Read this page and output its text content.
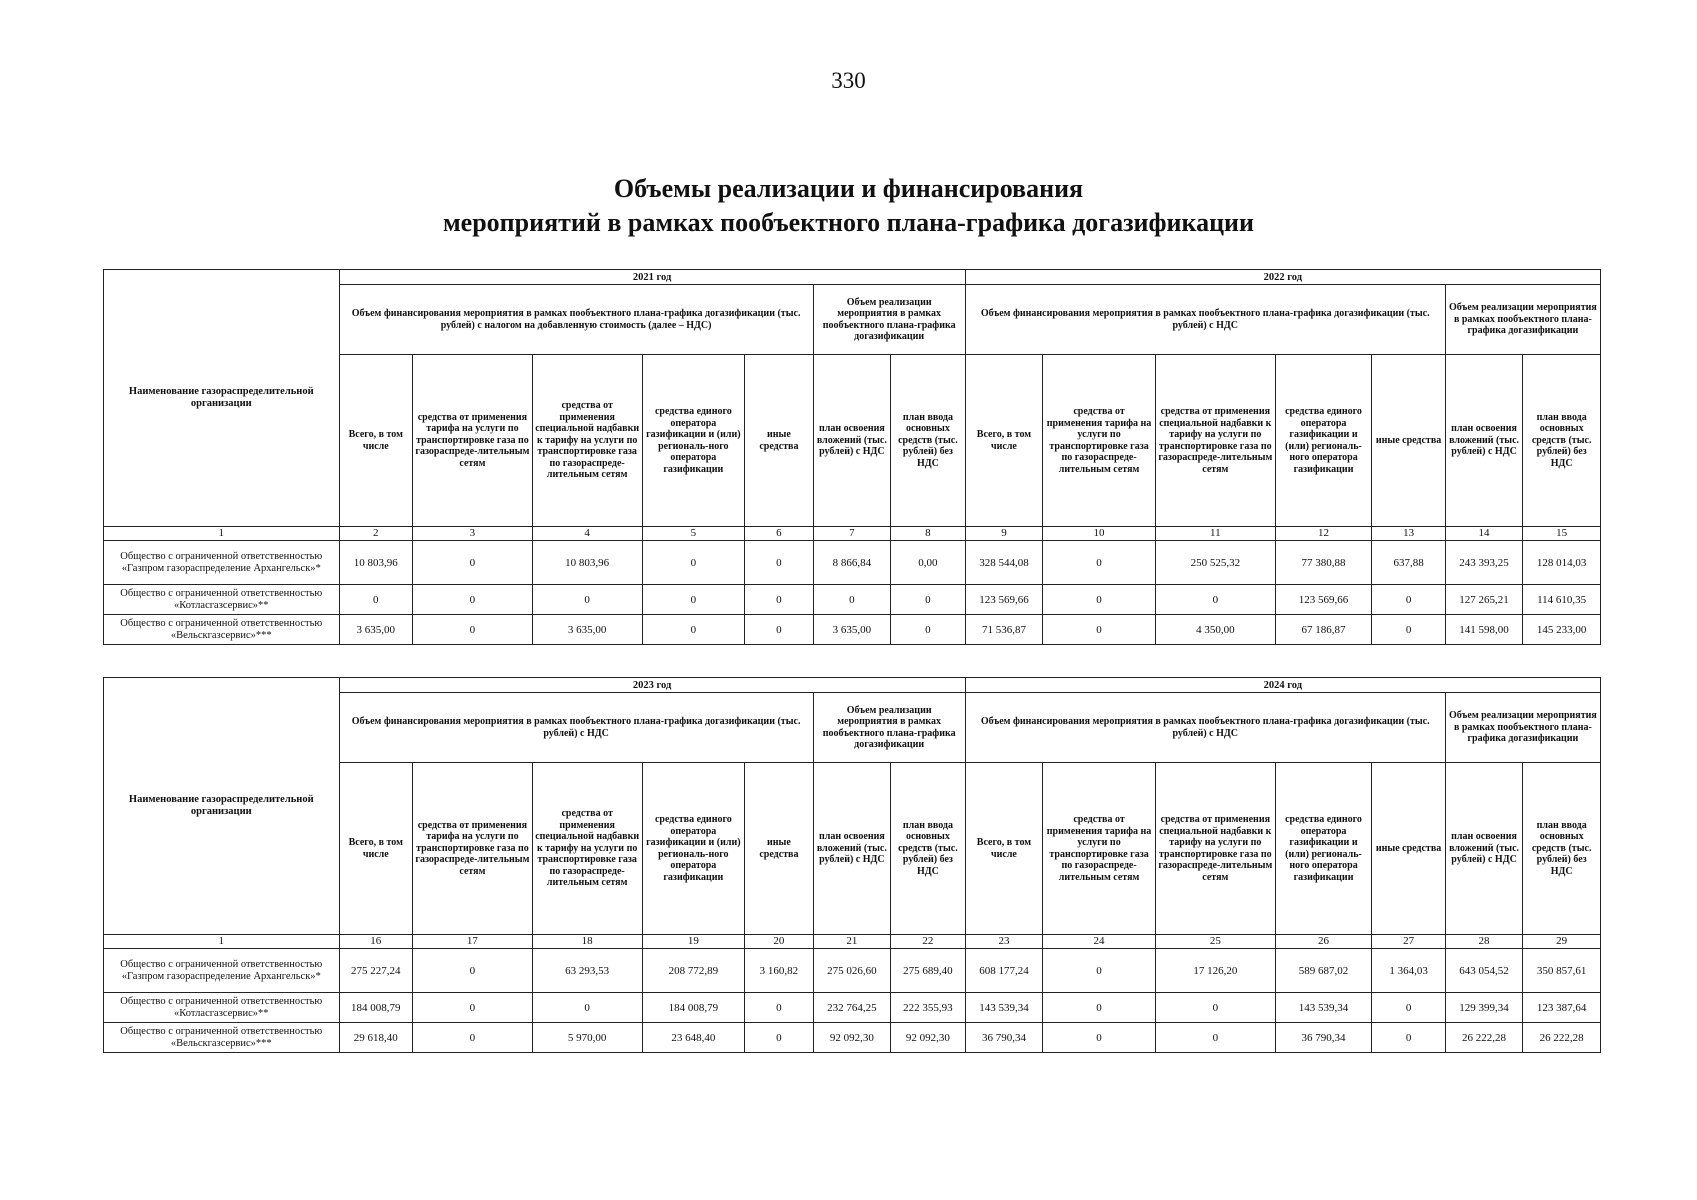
330
Объемы реализации и финансирования
мероприятий в рамках пообъектного плана-графика догазификации
Наименование газораспределительной организации	2021 год							2022 год						
	Объем финансирования мероприятия в рамках пообъектного плана-графика догазификации (тыс. рублей) с налогом на добавленную стоимость (далее – НДС)					Объем реализации мероприятия в рамках пообъектного плана-графика догазификации		Объем финансирования мероприятия в рамках пообъектного плана-графика догазификации (тыс. рублей) с НДС					Объем реализации мероприятия в рамках пообъектного плана-графика догазификации	
	Всего, в том числе	средства от применения тарифа на услуги по транспортировке газа по газораспреде-лительным сетям	средства от применения специальной надбавки к тарифу на услуги по транспортировке газа по газораспреде-лительным сетям	средства единого оператора газификации и (или) региональ-ного оператора газификации	иные средства	план освоения вложений (тыс. рублей) с НДС	план ввода основных средств (тыс. рублей) без НДС	Всего, в том числе	средства от применения тарифа на услуги по транспортировке газа по газораспреде-лительным сетям	средства от применения специальной надбавки к тарифу на услуги по транспортировке газа по газораспреде-лительным сетям	средства единого оператора газификации и (или) региональ-ного оператора газификации	иные средства	план освоения вложений (тыс. рублей) с НДС	план ввода основных средств (тыс. рублей) без НДС
1	2	3	4	5	6	7	8	9	10	11	12	13	14	15
Общество с ограниченной ответственностью «Газпром газораспределение Архангельск»*	10 803,96	0	10 803,96	0	0	8 866,84	0,00	328 544,08	0	250 525,32	77 380,88	637,88	243 393,25	128 014,03
Общество с ограниченной ответственностью «Котласгазсервис»**	0	0	0	0	0	0	0	123 569,66	0	0	123 569,66	0	127 265,21	114 610,35
Общество с ограниченной ответственностью «Вельскгазсервис»***	3 635,00	0	3 635,00	0	0	3 635,00	0	71 536,87	0	4 350,00	67 186,87	0	141 598,00	145 233,00
Наименование газораспределительной организации	2023 год							2024 год						
	Объем финансирования мероприятия в рамках пообъектного плана-графика догазификации (тыс. рублей) с НДС					Объем реализации мероприятия в рамках пообъектного плана-графика догазификации		Объем финансирования мероприятия в рамках пообъектного плана-графика догазификации (тыс. рублей) с НДС					Объем реализации мероприятия в рамках пообъектного плана-графика догазификации	
	Всего, в том числе	средства от применения тарифа на услуги по транспортировке газа по газораспреде-лительным сетям	средства от применения специальной надбавки к тарифу на услуги по транспортировке газа по газораспреде-лительным сетям	средства единого оператора газификации и (или) региональ-ного оператора газификации	иные средства	план освоения вложений (тыс. рублей) с НДС	план ввода основных средств (тыс. рублей) без НДС	Всего, в том числе	средства от применения тарифа на услуги по транспортировке газа по газораспреде-лительным сетям	средства от применения специальной надбавки к тарифу на услуги по транспортировке газа по газораспреде-лительным сетям	средства единого оператора газификации и (или) региональ-ного оператора газификации	иные средства	план освоения вложений (тыс. рублей) с НДС	план ввода основных средств (тыс. рублей) без НДС
1	16	17	18	19	20	21	22	23	24	25	26	27	28	29
Общество с ограниченной ответственностью «Газпром газораспределение Архангельск»*	275 227,24	0	63 293,53	208 772,89	3 160,82	275 026,60	275 689,40	608 177,24	0	17 126,20	589 687,02	1 364,03	643 054,52	350 857,61
Общество с ограниченной ответственностью «Котласгазсервис»**	184 008,79	0	0	184 008,79	0	232 764,25	222 355,93	143 539,34	0	0	143 539,34	0	129 399,34	123 387,64
Общество с ограниченной ответственностью «Вельскгазсервис»***	29 618,40	0	5 970,00	23 648,40	0	92 092,30	92 092,30	36 790,34	0	0	36 790,34	0	26 222,28	26 222,28
